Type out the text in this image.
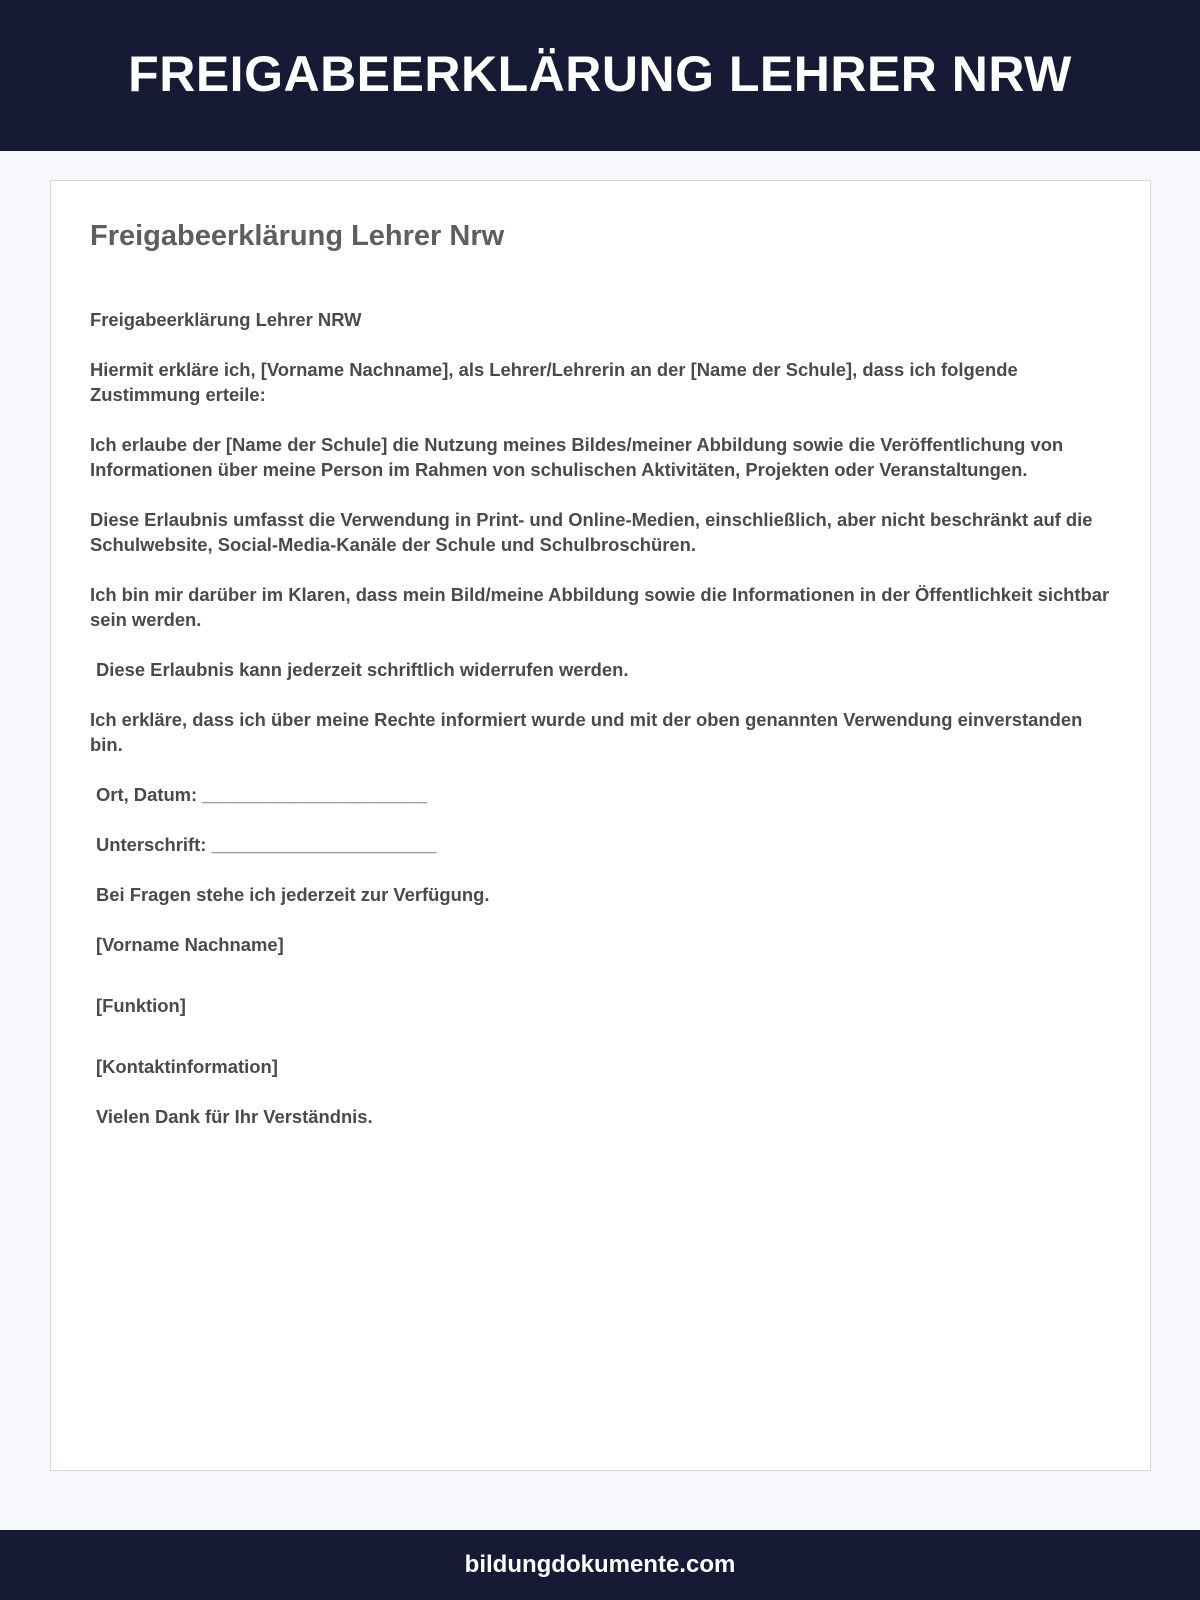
FREIGABEERKLÄRUNG LEHRER NRW
Freigabeerklärung Lehrer Nrw

Freigabeerklärung Lehrer NRW

Hiermit erkläre ich, [Vorname Nachname], als Lehrer/Lehrerin an der [Name der Schule], dass ich folgende Zustimmung erteile:

Ich erlaube der [Name der Schule] die Nutzung meines Bildes/meiner Abbildung sowie die Veröffentlichung von Informationen über meine Person im Rahmen von schulischen Aktivitäten, Projekten oder Veranstaltungen.

Diese Erlaubnis umfasst die Verwendung in Print- und Online-Medien, einschließlich, aber nicht beschränkt auf die Schulwebsite, Social-Media-Kanäle der Schule und Schulbroschüren.

Ich bin mir darüber im Klaren, dass mein Bild/meine Abbildung sowie die Informationen in der Öffentlichkeit sichtbar sein werden.

Diese Erlaubnis kann jederzeit schriftlich widerrufen werden.

Ich erkläre, dass ich über meine Rechte informiert wurde und mit der oben genannten Verwendung einverstanden bin.

Ort, Datum: ______________________

Unterschrift: ______________________

Bei Fragen stehe ich jederzeit zur Verfügung.

[Vorname Nachname]

[Funktion]

[Kontaktinformation]

Vielen Dank für Ihr Verständnis.

bildungdokumente.com
